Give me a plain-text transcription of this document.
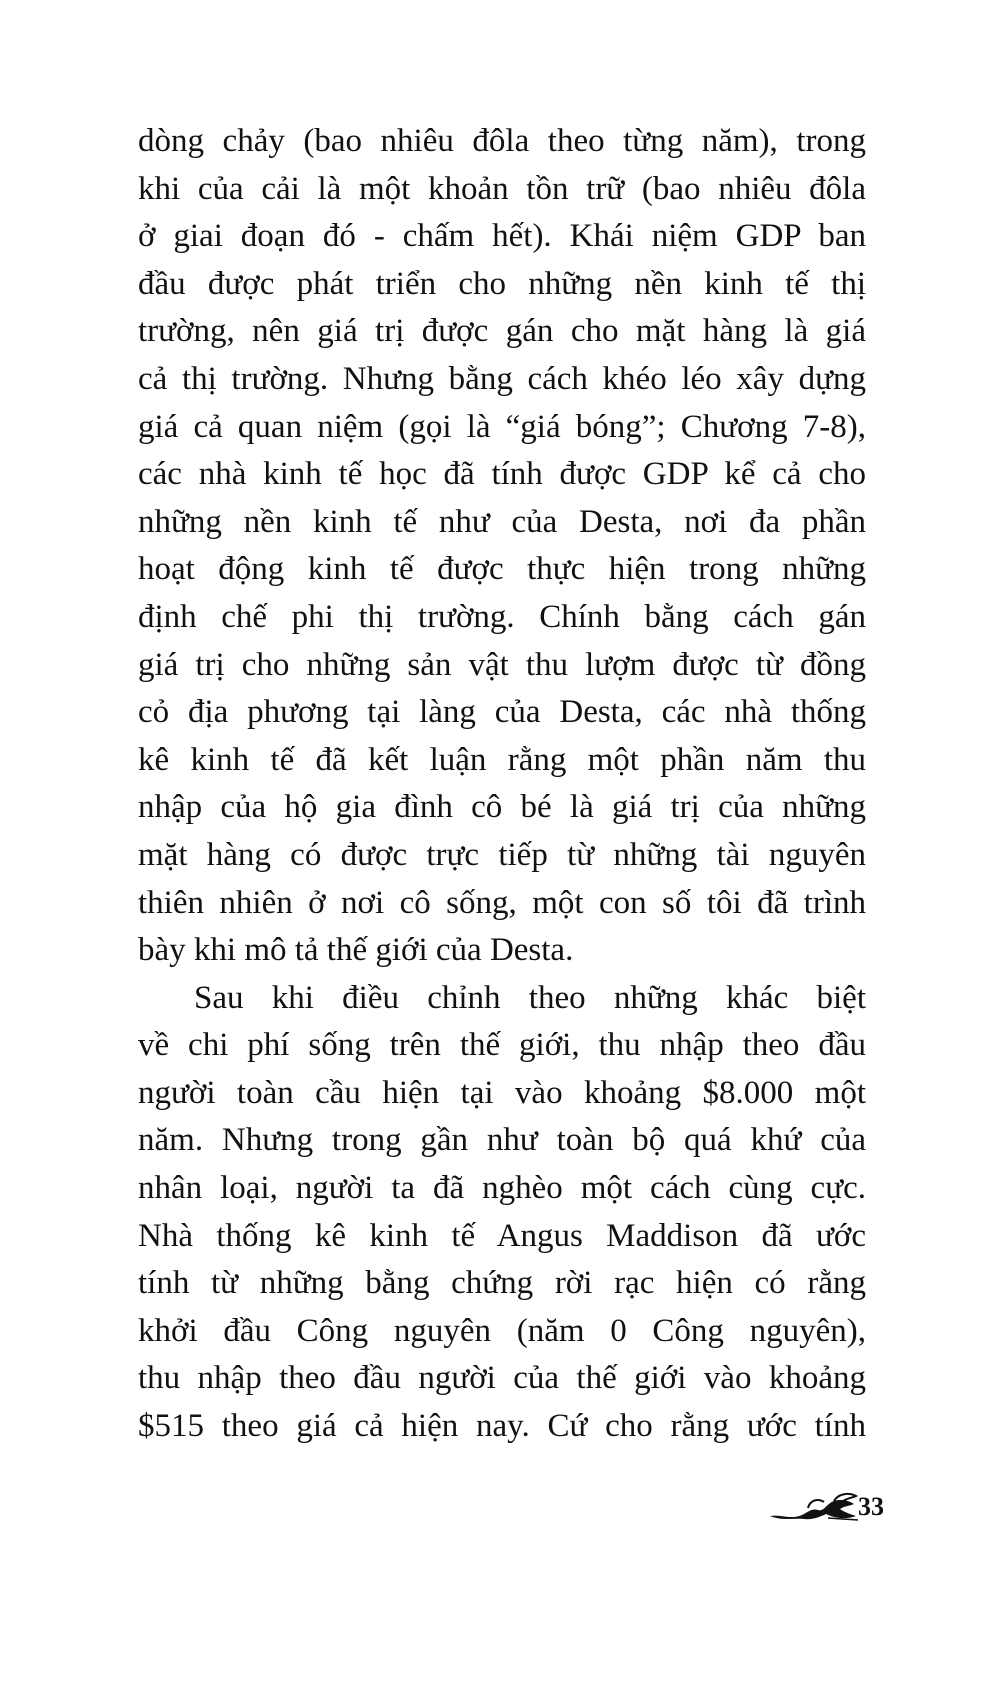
dòng chảy (bao nhiêu đôla theo từng năm), trong
khi của cải là một khoản tồn trữ (bao nhiêu đôla
ở giai đoạn đó - chấm hết). Khái niệm GDP ban
đầu được phát triển cho những nền kinh tế thị
trường, nên giá trị được gán cho mặt hàng là giá
cả thị trường. Nhưng bằng cách khéo léo xây dựng
giá cả quan niệm (gọi là “giá bóng”; Chương 7-8),
các nhà kinh tế học đã tính được GDP kể cả cho
những nền kinh tế như của Desta, nơi đa phần
hoạt động kinh tế được thực hiện trong những
định chế phi thị trường. Chính bằng cách gán
giá trị cho những sản vật thu lượm được từ đồng
cỏ địa phương tại làng của Desta, các nhà thống
kê kinh tế đã kết luận rằng một phần năm thu
nhập của hộ gia đình cô bé là giá trị của những
mặt hàng có được trực tiếp từ những tài nguyên
thiên nhiên ở nơi cô sống, một con số tôi đã trình
bày khi mô tả thế giới của Desta.
Sau khi điều chỉnh theo những khác biệt
về chi phí sống trên thế giới, thu nhập theo đầu
người toàn cầu hiện tại vào khoảng $8.000 một
năm. Nhưng trong gần như toàn bộ quá khứ của
nhân loại, người ta đã nghèo một cách cùng cực.
Nhà thống kê kinh tế Angus Maddison đã ước
tính từ những bằng chứng rời rạc hiện có rằng
khởi đầu Công nguyên (năm 0 Công nguyên),
thu nhập theo đầu người của thế giới vào khoảng
$515 theo giá cả hiện nay. Cứ cho rằng ước tính
33
